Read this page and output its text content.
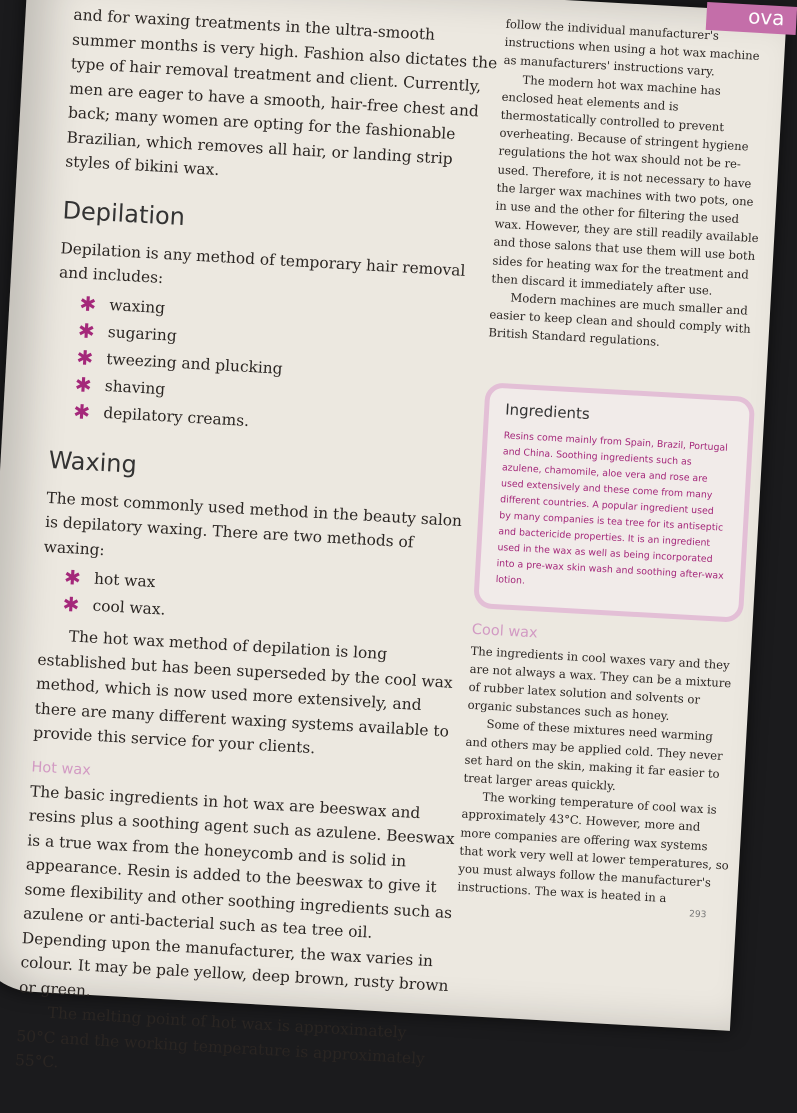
ova

and for waxing treatments in the ultra-smooth summer months is very high. Fashion also dictates the type of hair removal treatment and client. Currently, men are eager to have a smooth, hair-free chest and back; many women are opting for the fashionable Brazilian, which removes all hair, or landing strip styles of bikini wax.

Depilation

Depilation is any method of temporary hair removal and includes:

✱ waxing
✱ sugaring
✱ tweezing and plucking
✱ shaving
✱ depilatory creams.
Waxing

The most commonly used method in the beauty salon is depilatory waxing. There are two methods of waxing:

✱ hot wax
✱ cool wax.

The hot wax method of depilation is long established but has been superseded by the cool wax method, which is now used more extensively, and there are many different waxing systems available to provide this service for your clients.

Hot wax

The basic ingredients in hot wax are beeswax and resins plus a soothing agent such as azulene. Beeswax is a true wax from the honeycomb and is solid in appearance. Resin is added to the beeswax to give it some flexibility and other soothing ingredients such as azulene or anti-bacterial such as tea tree oil. Depending upon the manufacturer, the wax varies in colour. It may be pale yellow, deep brown, rusty brown or green.

The melting point of hot wax is approximately 50°C and the working temperature is approximately 55°C.

follow the individual manufacturer's instructions when using a hot wax machine as manufacturers' instructions vary.

The modern hot wax machine has enclosed heat elements and is thermostatically controlled to prevent overheating. Because of stringent hygiene regulations the hot wax should not be re-used. Therefore, it is not necessary to have the larger wax machines with two pots, one in use and the other for filtering the used wax. However, they are still readily available and those salons that use them will use both sides for heating wax for the treatment and then discard it immediately after use.

Modern machines are much smaller and easier to keep clean and should comply with British Standard regulations.

Ingredients

Resins come mainly from Spain, Brazil, Portugal and China. Soothing ingredients such as azulene, chamomile, aloe vera and rose are used extensively and these come from many different countries. A popular ingredient used by many companies is tea tree for its antiseptic and bactericide properties. It is an ingredient used in the wax as well as being incorporated into a pre-wax skin wash and soothing after-wax lotion.

Cool wax

The ingredients in cool waxes vary and they are not always a wax. They can be a mixture of rubber latex solution and solvents or organic substances such as honey.

Some of these mixtures need warming and others may be applied cold. They never set hard on the skin, making it far easier to treat larger areas quickly.

The working temperature of cool wax is approximately 43°C. However, more and more companies are offering wax systems that work very well at lower temperatures, so you must always follow the manufacturer's instructions. The wax is heated in a

293
